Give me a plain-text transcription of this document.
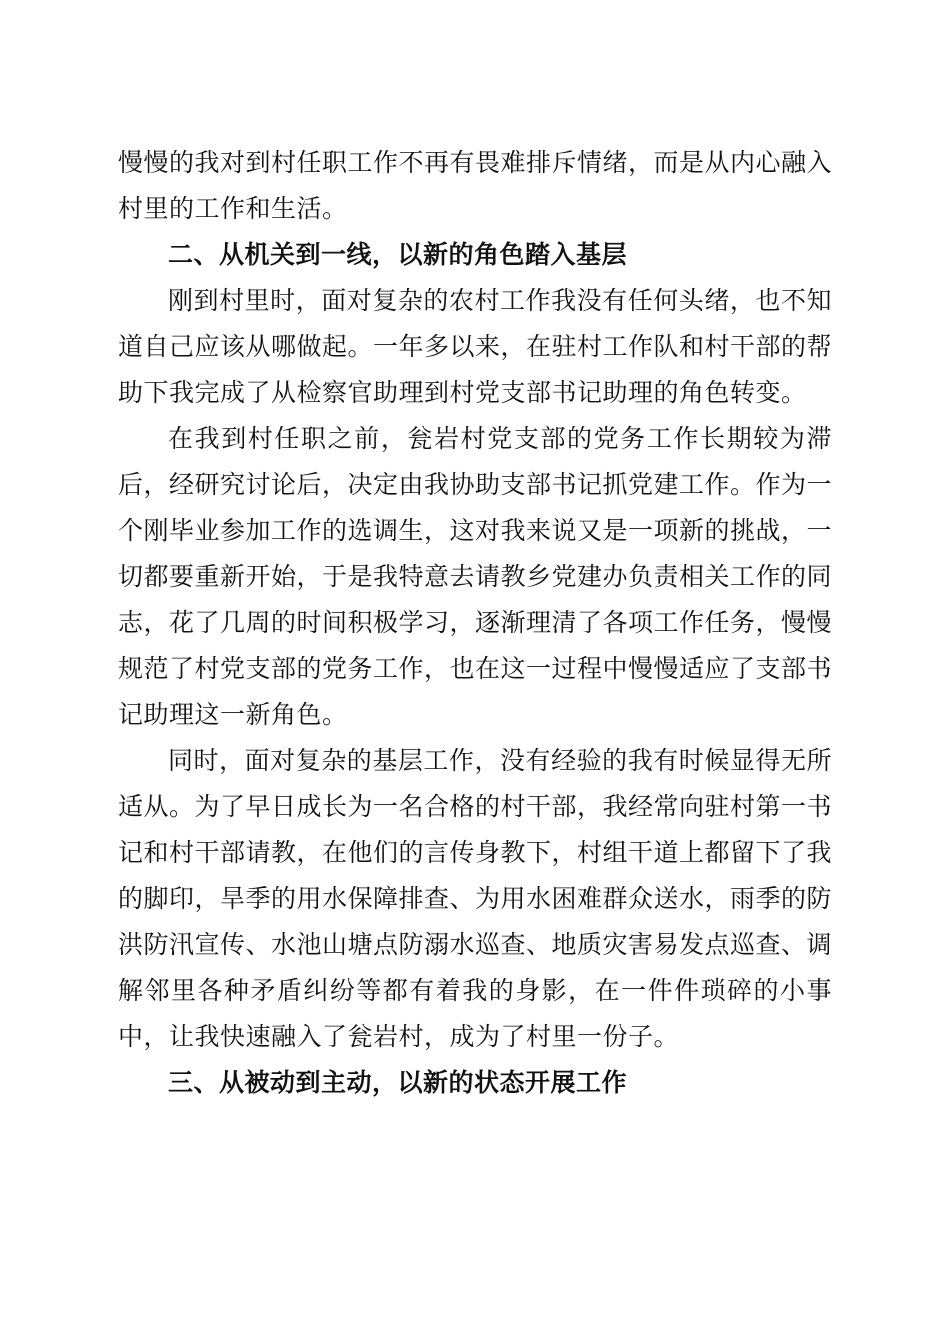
慢慢的我对到村任职工作不再有畏难排斥情绪，而是从内心融入村里的工作和生活。

二、从机关到一线，以新的角色踏入基层

刚到村里时，面对复杂的农村工作我没有任何头绪，也不知道自己应该从哪做起。一年多以来，在驻村工作队和村干部的帮助下我完成了从检察官助理到村党支部书记助理的角色转变。

在我到村任职之前，瓮岩村党支部的党务工作长期较为滞后，经研究讨论后，决定由我协助支部书记抓党建工作。作为一个刚毕业参加工作的选调生，这对我来说又是一项新的挑战，一切都要重新开始，于是我特意去请教乡党建办负责相关工作的同志，花了几周的时间积极学习，逐渐理清了各项工作任务，慢慢规范了村党支部的党务工作，也在这一过程中慢慢适应了支部书记助理这一新角色。

同时，面对复杂的基层工作，没有经验的我有时候显得无所适从。为了早日成长为一名合格的村干部，我经常向驻村第一书记和村干部请教，在他们的言传身教下，村组干道上都留下了我的脚印，旱季的用水保障排查、为用水困难群众送水，雨季的防洪防汛宣传、水池山塘点防溺水巡查、地质灾害易发点巡查、调解邻里各种矛盾纠纷等都有着我的身影，在一件件琐碎的小事中，让我快速融入了瓮岩村，成为了村里一份子。

三、从被动到主动，以新的状态开展工作
